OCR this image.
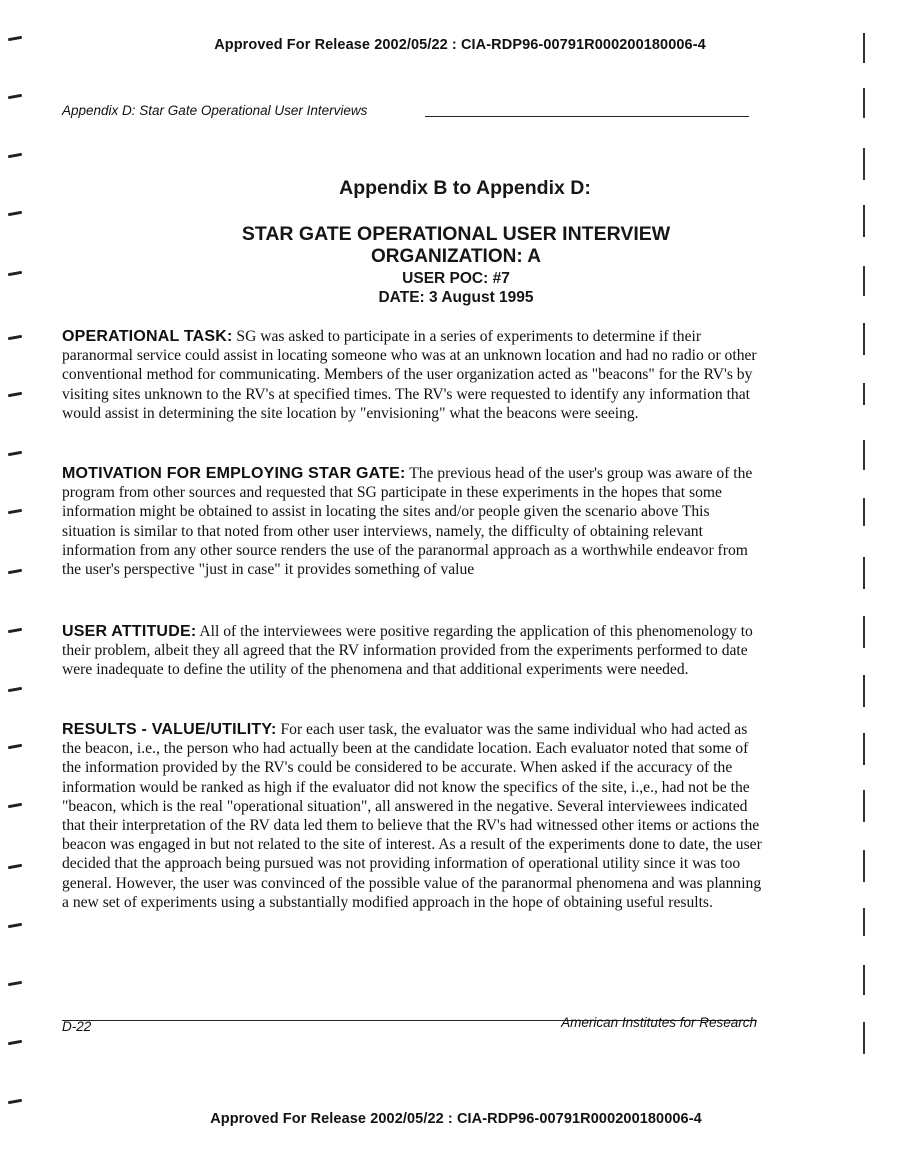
Approved For Release 2002/05/22 : CIA-RDP96-00791R000200180006-4
Appendix D: Star Gate Operational User Interviews
Appendix B to Appendix D:
STAR GATE OPERATIONAL USER INTERVIEW
ORGANIZATION: A
USER POC: #7
DATE: 3 August 1995
OPERATIONAL TASK: SG was asked to participate in a series of experiments to determine if their paranormal service could assist in locating someone who was at an unknown location and had no radio or other conventional method for communicating. Members of the user organization acted as "beacons" for the RV's by visiting sites unknown to the RV's at specified times. The RV's were requested to identify any information that would assist in determining the site location by "envisioning" what the beacons were seeing.
MOTIVATION FOR EMPLOYING STAR GATE: The previous head of the user's group was aware of the program from other sources and requested that SG participate in these experiments in the hopes that some information might be obtained to assist in locating the sites and/or people given the scenario above This situation is similar to that noted from other user interviews, namely, the difficulty of obtaining relevant information from any other source renders the use of the paranormal approach as a worthwhile endeavor from the user's perspective "just in case" it provides something of value
USER ATTITUDE: All of the interviewees were positive regarding the application of this phenomenology to their problem, albeit they all agreed that the RV information provided from the experiments performed to date were inadequate to define the utility of the phenomena and that additional experiments were needed.
RESULTS - VALUE/UTILITY: For each user task, the evaluator was the same individual who had acted as the beacon, i.e., the person who had actually been at the candidate location. Each evaluator noted that some of the information provided by the RV's could be considered to be accurate. When asked if the accuracy of the information would be ranked as high if the evaluator did not know the specifics of the site, i.,e., had not be the "beacon, which is the real "operational situation", all answered in the negative. Several interviewees indicated that their interpretation of the RV data led them to believe that the RV's had witnessed other items or actions the beacon was engaged in but not related to the site of interest. As a result of the experiments done to date, the user decided that the approach being pursued was not providing information of operational utility since it was too general. However, the user was convinced of the possible value of the paranormal phenomena and was planning a new set of experiments using a substantially modified approach in the hope of obtaining useful results.
D-22	American Institutes for Research
Approved For Release 2002/05/22 : CIA-RDP96-00791R000200180006-4
